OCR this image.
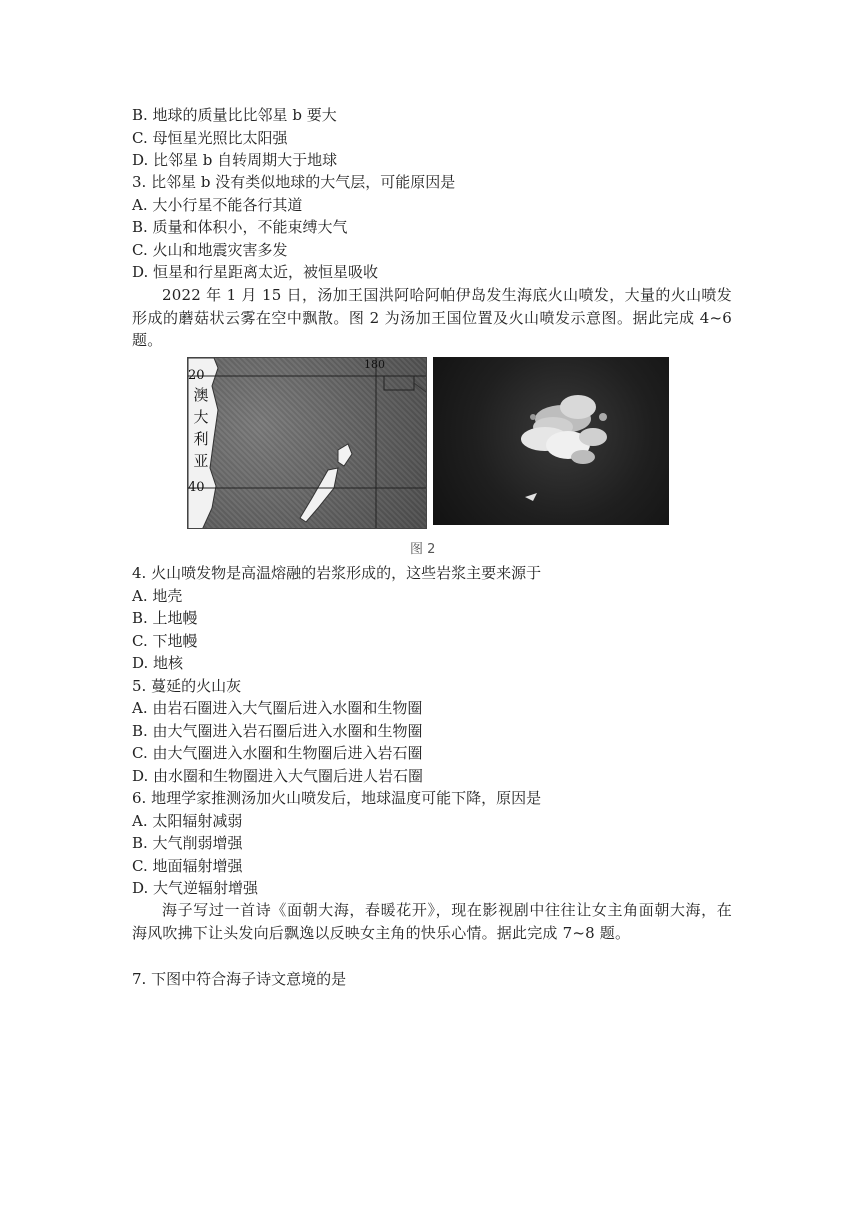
B. 地球的质量比比邻星 b 要大
C. 母恒星光照比太阳强
D. 比邻星 b 自转周期大于地球
3. 比邻星 b 没有类似地球的大气层，可能原因是
A. 大小行星不能各行其道
B. 质量和体积小，不能束缚大气
C. 火山和地震灾害多发
D. 恒星和行星距离太近，被恒星吸收
2022 年 1 月 15 日，汤加王国洪阿哈阿帕伊岛发生海底火山喷发，大量的火山喷发形成的蘑菇状云雾在空中飘散。图 2 为汤加王国位置及火山喷发示意图。据此完成 4~6 题。
20
40
180
澳大利亚
图 2
4. 火山喷发物是高温熔融的岩浆形成的，这些岩浆主要来源于
A. 地壳
B. 上地幔
C. 下地幔
D. 地核
5. 蔓延的火山灰
A. 由岩石圈进入大气圈后进入水圈和生物圈
B. 由大气圈进入岩石圈后进入水圈和生物圈
C. 由大气圈进入水圈和生物圈后进入岩石圈
D. 由水圈和生物圈进入大气圈后进人岩石圈
6. 地理学家推测汤加火山喷发后，地球温度可能下降，原因是
A. 太阳辐射减弱
B. 大气削弱增强
C. 地面辐射增强
D. 大气逆辐射增强
海子写过一首诗《面朝大海，春暖花开》，现在影视剧中往往让女主角面朝大海，在海风吹拂下让头发向后飘逸以反映女主角的快乐心情。据此完成 7~8 题。
7. 下图中符合海子诗文意境的是
